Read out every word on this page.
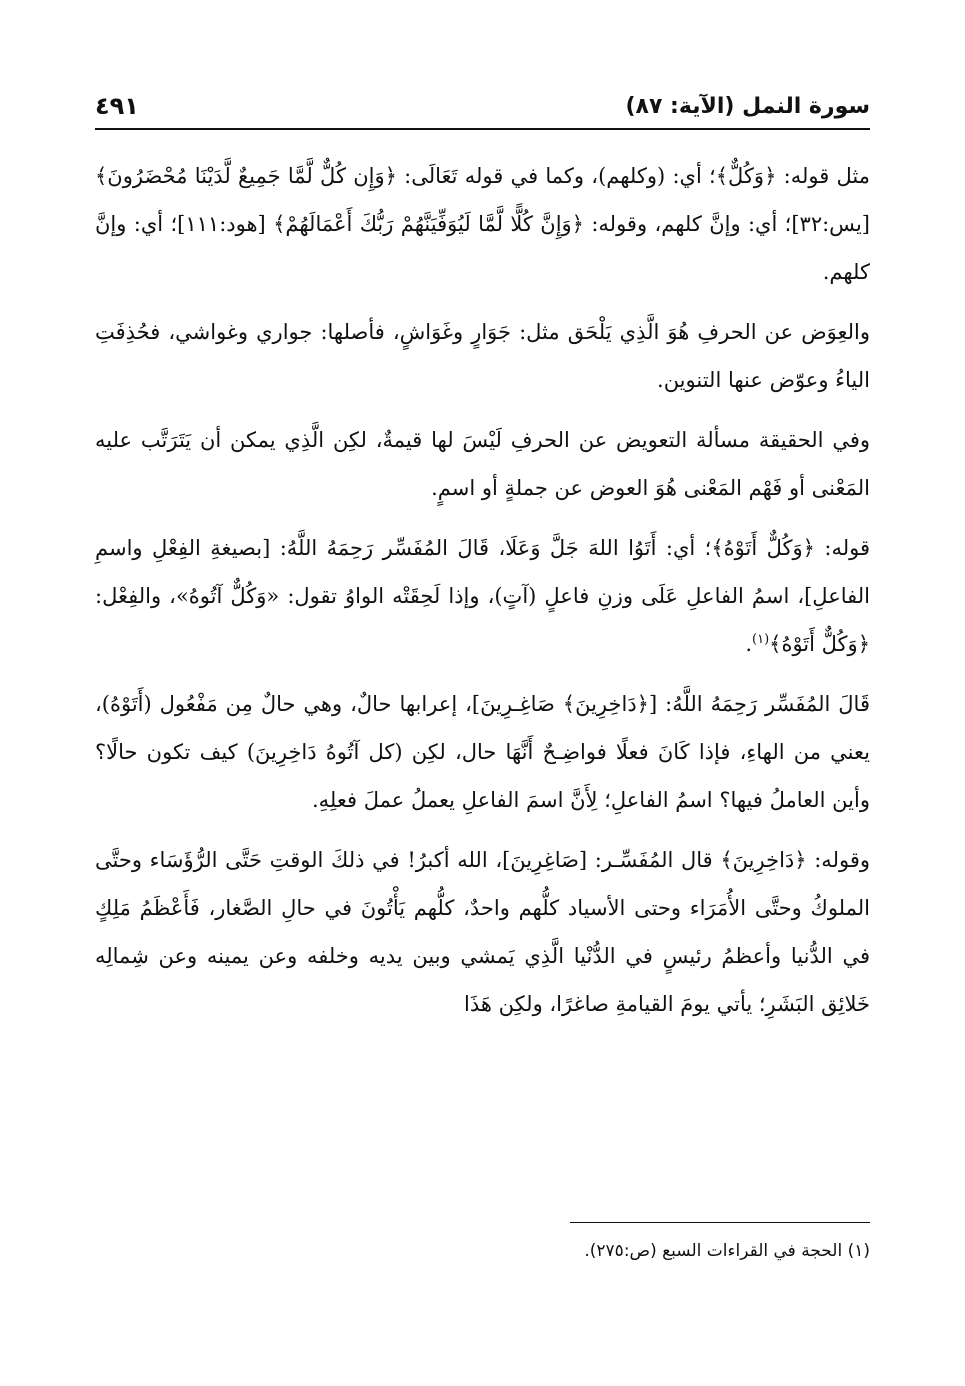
سورة النمل (الآية: ٨٧)
٤٩١

مثل قوله: ﴿وَكُلٌّ﴾؛ أي: (وكلهم)، وكما في قوله تَعَالَى: ﴿وَإِن كُلٌّ لَّمَّا جَمِيعٌ لَّدَيْنَا مُحْضَرُونَ﴾ [يس:٣٢]؛ أي: وإنَّ كلهم، وقوله: ﴿وَإِنَّ كُلًّا لَّمَّا لَيُوَفِّيَنَّهُمْ رَبُّكَ أَعْمَالَهُمْ﴾ [هود:١١١]؛ أي: وإنَّ كلهم.

والعِوَض عن الحرفِ هُوَ الَّذِي يَلْحَق مثل: جَوَارٍ وغَوَاشٍ، فأصلها: جواري وغواشي، فحُذِفَتِ الياءُ وعوّض عنها التنوين.

وفي الحقيقة مسألة التعويض عن الحرفِ لَيْسَ لها قيمةٌ، لكِن الَّذِي يمكن أن يَتَرَتَّب عليه المَعْنى أو فَهْم المَعْنى هُوَ العوض عن جملةٍ أو اسمٍ.

قوله: ﴿وَكُلٌّ أَتَوْهُ﴾؛ أي: أَتَوُا اللهَ جَلَّ وَعَلَا، قَالَ المُفَسِّر رَحِمَهُ اللَّهُ: [بصيغةِ الفِعْلِ واسمِ الفاعلِ]، اسمُ الفاعلِ عَلَى وزنِ فاعلٍ (آتٍ)، وإذا لَحِقَتْه الواوُ تقول: «وَكُلٌّ آتُوهُ»، والفِعْل: ﴿وَكُلٌّ أَتَوْهُ﴾$^{(١)}$.

قَالَ المُفَسِّر رَحِمَهُ اللَّهُ: [﴿دَاخِرِينَ﴾ صَاغِـرِينَ]، إعرابها حالٌ، وهي حالٌ مِن مَفْعُول (أَتَوْهُ)، يعني من الهاءِ، فإذا كَانَ فعلًا فواضِـحٌ أَنَّهَا حال، لكِن (كل آتُوهُ دَاخِرِينَ) كيف تكون حالًا؟ وأين العاملُ فيها؟ اسمُ الفاعلِ؛ لِأَنَّ اسمَ الفاعلِ يعملُ عملَ فعلِهِ.

وقوله: ﴿دَاخِرِينَ﴾ قال المُفَسِّـر: [صَاغِرِينَ]، الله أكبرُ! في ذلكَ الوقتِ حَتَّى الرُّؤَسَاء وحتَّى الملوكُ وحتَّى الأُمَرَاء وحتى الأسياد كلُّهم واحدٌ، كلُّهم يَأْتُونَ في حالِ الصَّغار، فَأَعْظَمُ مَلِكٍ في الدُّنيا وأعظمُ رئيسٍ في الدُّنْيا الَّذِي يَمشي وبين يديه وخلفه وعن يمينه وعن شِمالِه خَلائِق البَشَرِ؛ يأتي يومَ القيامةِ صاغرًا، ولكِن هَذَا

(١) الحجة في القراءات السبع (ص:٢٧٥).
